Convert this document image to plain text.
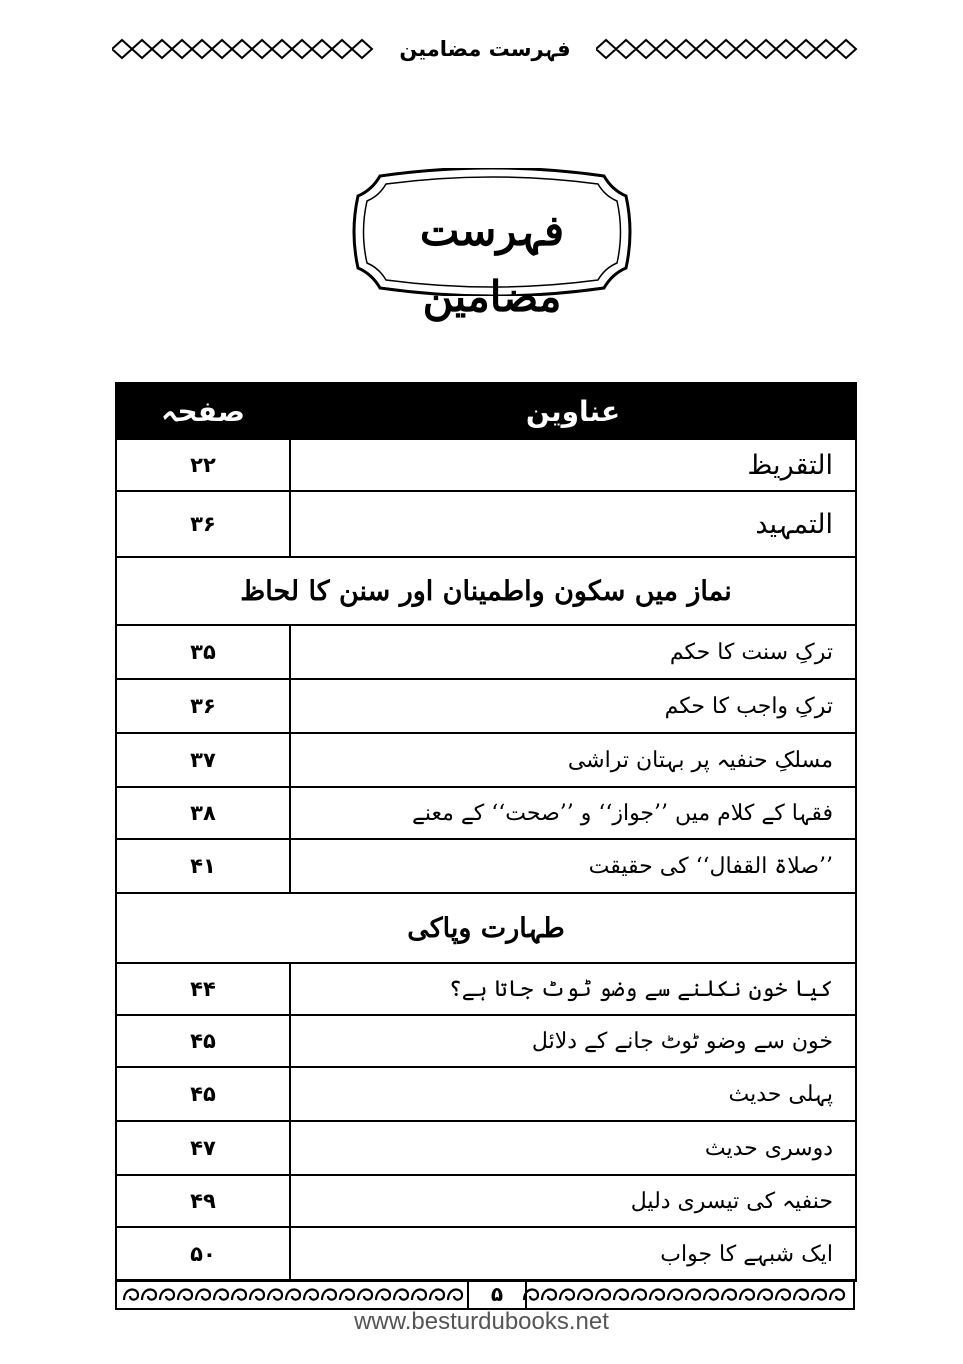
فہرست مضامین
فہرست مضامین
صفحہ	عناوین
۲۲	التقریظ
۳۶	التمہید
نماز میں سکون واطمینان اور سنن کا لحاظ	
۳۵	ترکِ سنت کا حکم
۳۶	ترکِ واجب کا حکم
۳۷	مسلکِ حنفیہ پر بہتان تراشی
۳۸	فقہا کے کلام میں ’’جواز‘‘ و ’’صحت‘‘ کے معنے
۴۱	’’صلاۃ القفال‘‘ کی حقیقت
طہارت وپاکی	
۴۴	کیا خون نکلنے سے وضو ٹوٹ جاتا ہے؟
۴۵	خون سے وضو ٹوٹ جانے کے دلائل
۴۵	پہلی حدیث
۴۷	دوسری حدیث
۴۹	حنفیہ کی تیسری دلیل
۵۰	ایک شبہے کا جواب
۵
www.besturdubooks.net
